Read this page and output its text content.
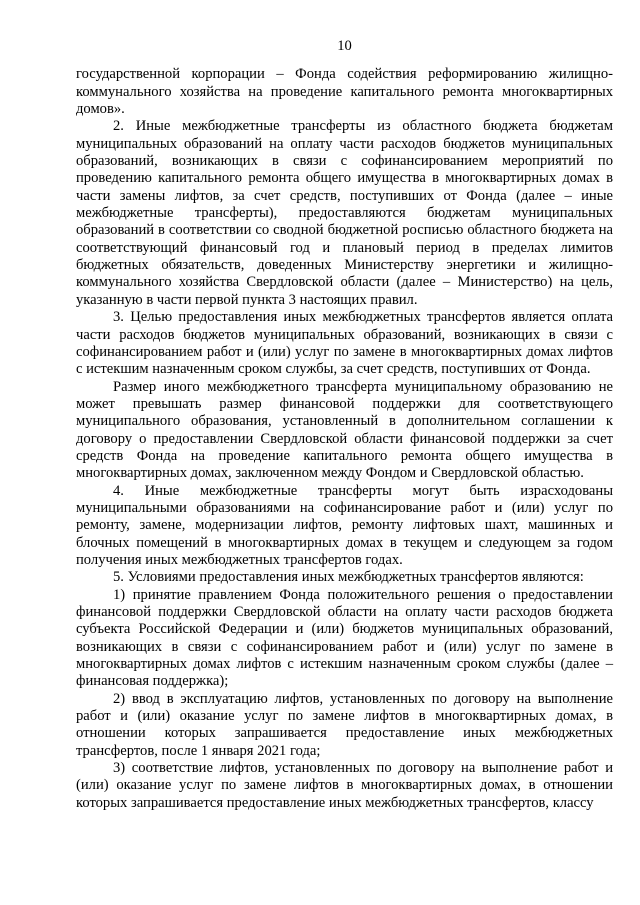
10

государственной корпорации – Фонда содействия реформированию жилищно-коммунального хозяйства на проведение капитального ремонта многоквартирных домов».

2. Иные межбюджетные трансферты из областного бюджета бюджетам муниципальных образований на оплату части расходов бюджетов муниципальных образований, возникающих в связи с софинансированием мероприятий по проведению капитального ремонта общего имущества в многоквартирных домах в части замены лифтов, за счет средств, поступивших от Фонда (далее – иные межбюджетные трансферты), предоставляются бюджетам муниципальных образований в соответствии со сводной бюджетной росписью областного бюджета на соответствующий финансовый год и плановый период в пределах лимитов бюджетных обязательств, доведенных Министерству энергетики и жилищно-коммунального хозяйства Свердловской области (далее – Министерство) на цель, указанную в части первой пункта 3 настоящих правил.

3. Целью предоставления иных межбюджетных трансфертов является оплата части расходов бюджетов муниципальных образований, возникающих в связи с софинансированием работ и (или) услуг по замене в многоквартирных домах лифтов с истекшим назначенным сроком службы, за счет средств, поступивших от Фонда.

Размер иного межбюджетного трансферта муниципальному образованию не может превышать размер финансовой поддержки для соответствующего муниципального образования, установленный в дополнительном соглашении к договору о предоставлении Свердловской области финансовой поддержки за счет средств Фонда на проведение капитального ремонта общего имущества в многоквартирных домах, заключенном между Фондом и Свердловской областью.

4. Иные межбюджетные трансферты могут быть израсходованы муниципальными образованиями на софинансирование работ и (или) услуг по ремонту, замене, модернизации лифтов, ремонту лифтовых шахт, машинных и блочных помещений в многоквартирных домах в текущем и следующем за годом получения иных межбюджетных трансфертов годах.

5. Условиями предоставления иных межбюджетных трансфертов являются:

1) принятие правлением Фонда положительного решения о предоставлении финансовой поддержки Свердловской области на оплату части расходов бюджета субъекта Российской Федерации и (или) бюджетов муниципальных образований, возникающих в связи с софинансированием работ и (или) услуг по замене в многоквартирных домах лифтов с истекшим назначенным сроком службы (далее – финансовая поддержка);

2) ввод в эксплуатацию лифтов, установленных по договору на выполнение работ и (или) оказание услуг по замене лифтов в многоквартирных домах, в отношении которых запрашивается предоставление иных межбюджетных трансфертов, после 1 января 2021 года;

3) соответствие лифтов, установленных по договору на выполнение работ и (или) оказание услуг по замене лифтов в многоквартирных домах, в отношении которых запрашивается предоставление иных межбюджетных трансфертов, классу
